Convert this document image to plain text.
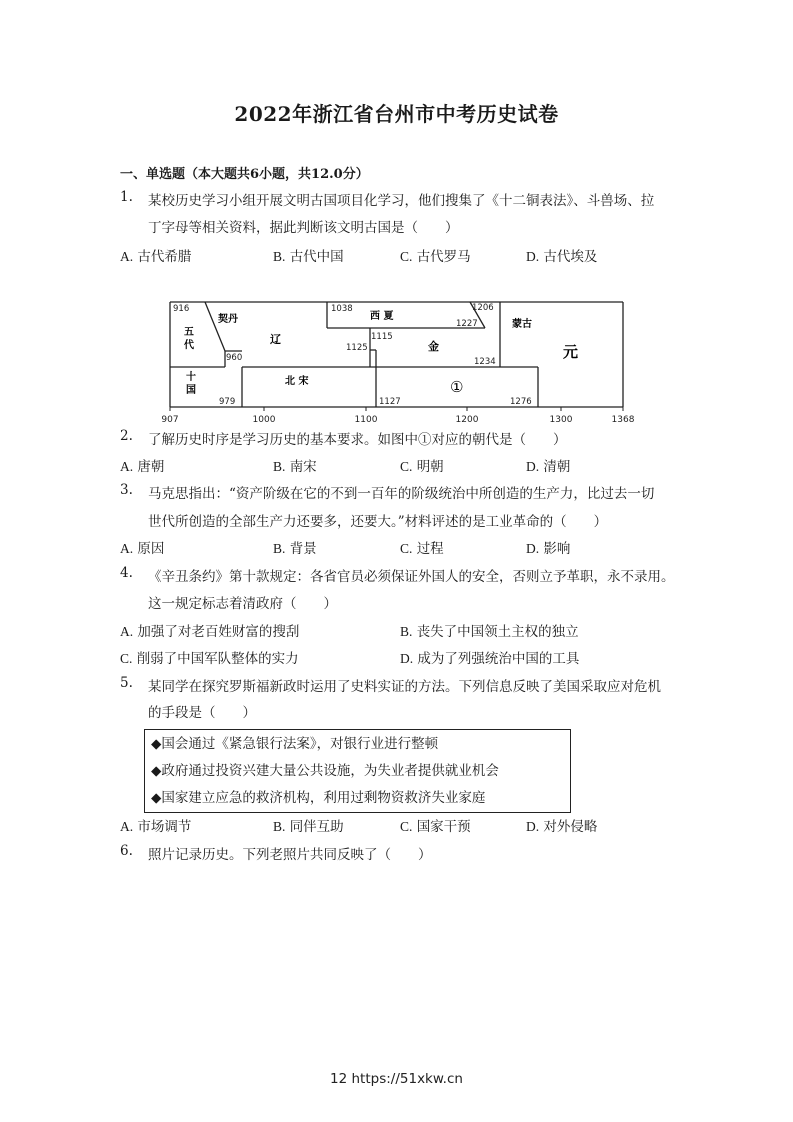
2022年浙江省台州市中考历史试卷
一、单选题（本大题共6小题，共12.0分）
1. 某校历史学习小组开展文明古国项目化学习，他们搜集了《十二铜表法》、斗兽场、拉
丁字母等相关资料，据此判断该文明古国是（　　）
A. 古代希腊	B. 古代中国	C. 古代罗马	D. 古代埃及
五代
十国
契丹
辽
西 夏
金
北 宋
蒙古
元
①
916
960
979
1038
1115
1125
1127
1206
1227
1234
1276
907	1000	1100	1200	1300	1368
2. 了解历史时序是学习历史的基本要求。如图中①对应的朝代是（　　）
A. 唐朝	B. 南宋	C. 明朝	D. 清朝
3. 马克思指出：“资产阶级在它的不到一百年的阶级统治中所创造的生产力，比过去一切
世代所创造的全部生产力还要多，还要大。”材料评述的是工业革命的（　　）
A. 原因	B. 背景	C. 过程	D. 影响
4. 《辛丑条约》第十款规定：各省官员必须保证外国人的安全，否则立予革职，永不录用。
这一规定标志着清政府（　　）
A. 加强了对老百姓财富的搜刮	B. 丧失了中国领土主权的独立
C. 削弱了中国军队整体的实力	D. 成为了列强统治中国的工具
5. 某同学在探究罗斯福新政时运用了史料实证的方法。下列信息反映了美国采取应对危机
的手段是（　　）
◆国会通过《紧急银行法案》，对银行业进行整顿
◆政府通过投资兴建大量公共设施，为失业者提供就业机会
◆国家建立应急的救济机构，利用过剩物资救济失业家庭
A. 市场调节	B. 同伴互助	C. 国家干预	D. 对外侵略
6. 照片记录历史。下列老照片共同反映了（　　）
12 https://51xkw.cn
